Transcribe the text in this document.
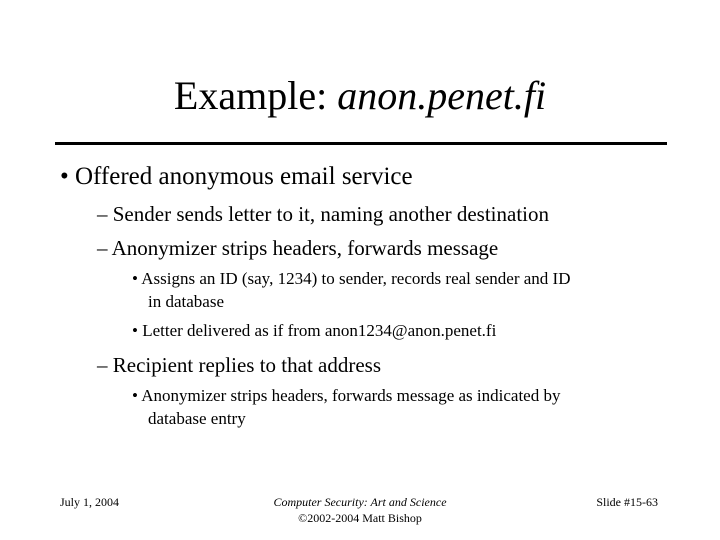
Example: anon.penet.fi
• Offered anonymous email service
– Sender sends letter to it, naming another destination
– Anonymizer strips headers, forwards message
• Assigns an ID (say, 1234) to sender, records real sender and ID
in database
• Letter delivered as if from anon1234@anon.penet.fi
– Recipient replies to that address
• Anonymizer strips headers, forwards message as indicated by
database entry
July 1, 2004	Computer Security: Art and Science
©2002-2004 Matt Bishop
Slide #15-63
